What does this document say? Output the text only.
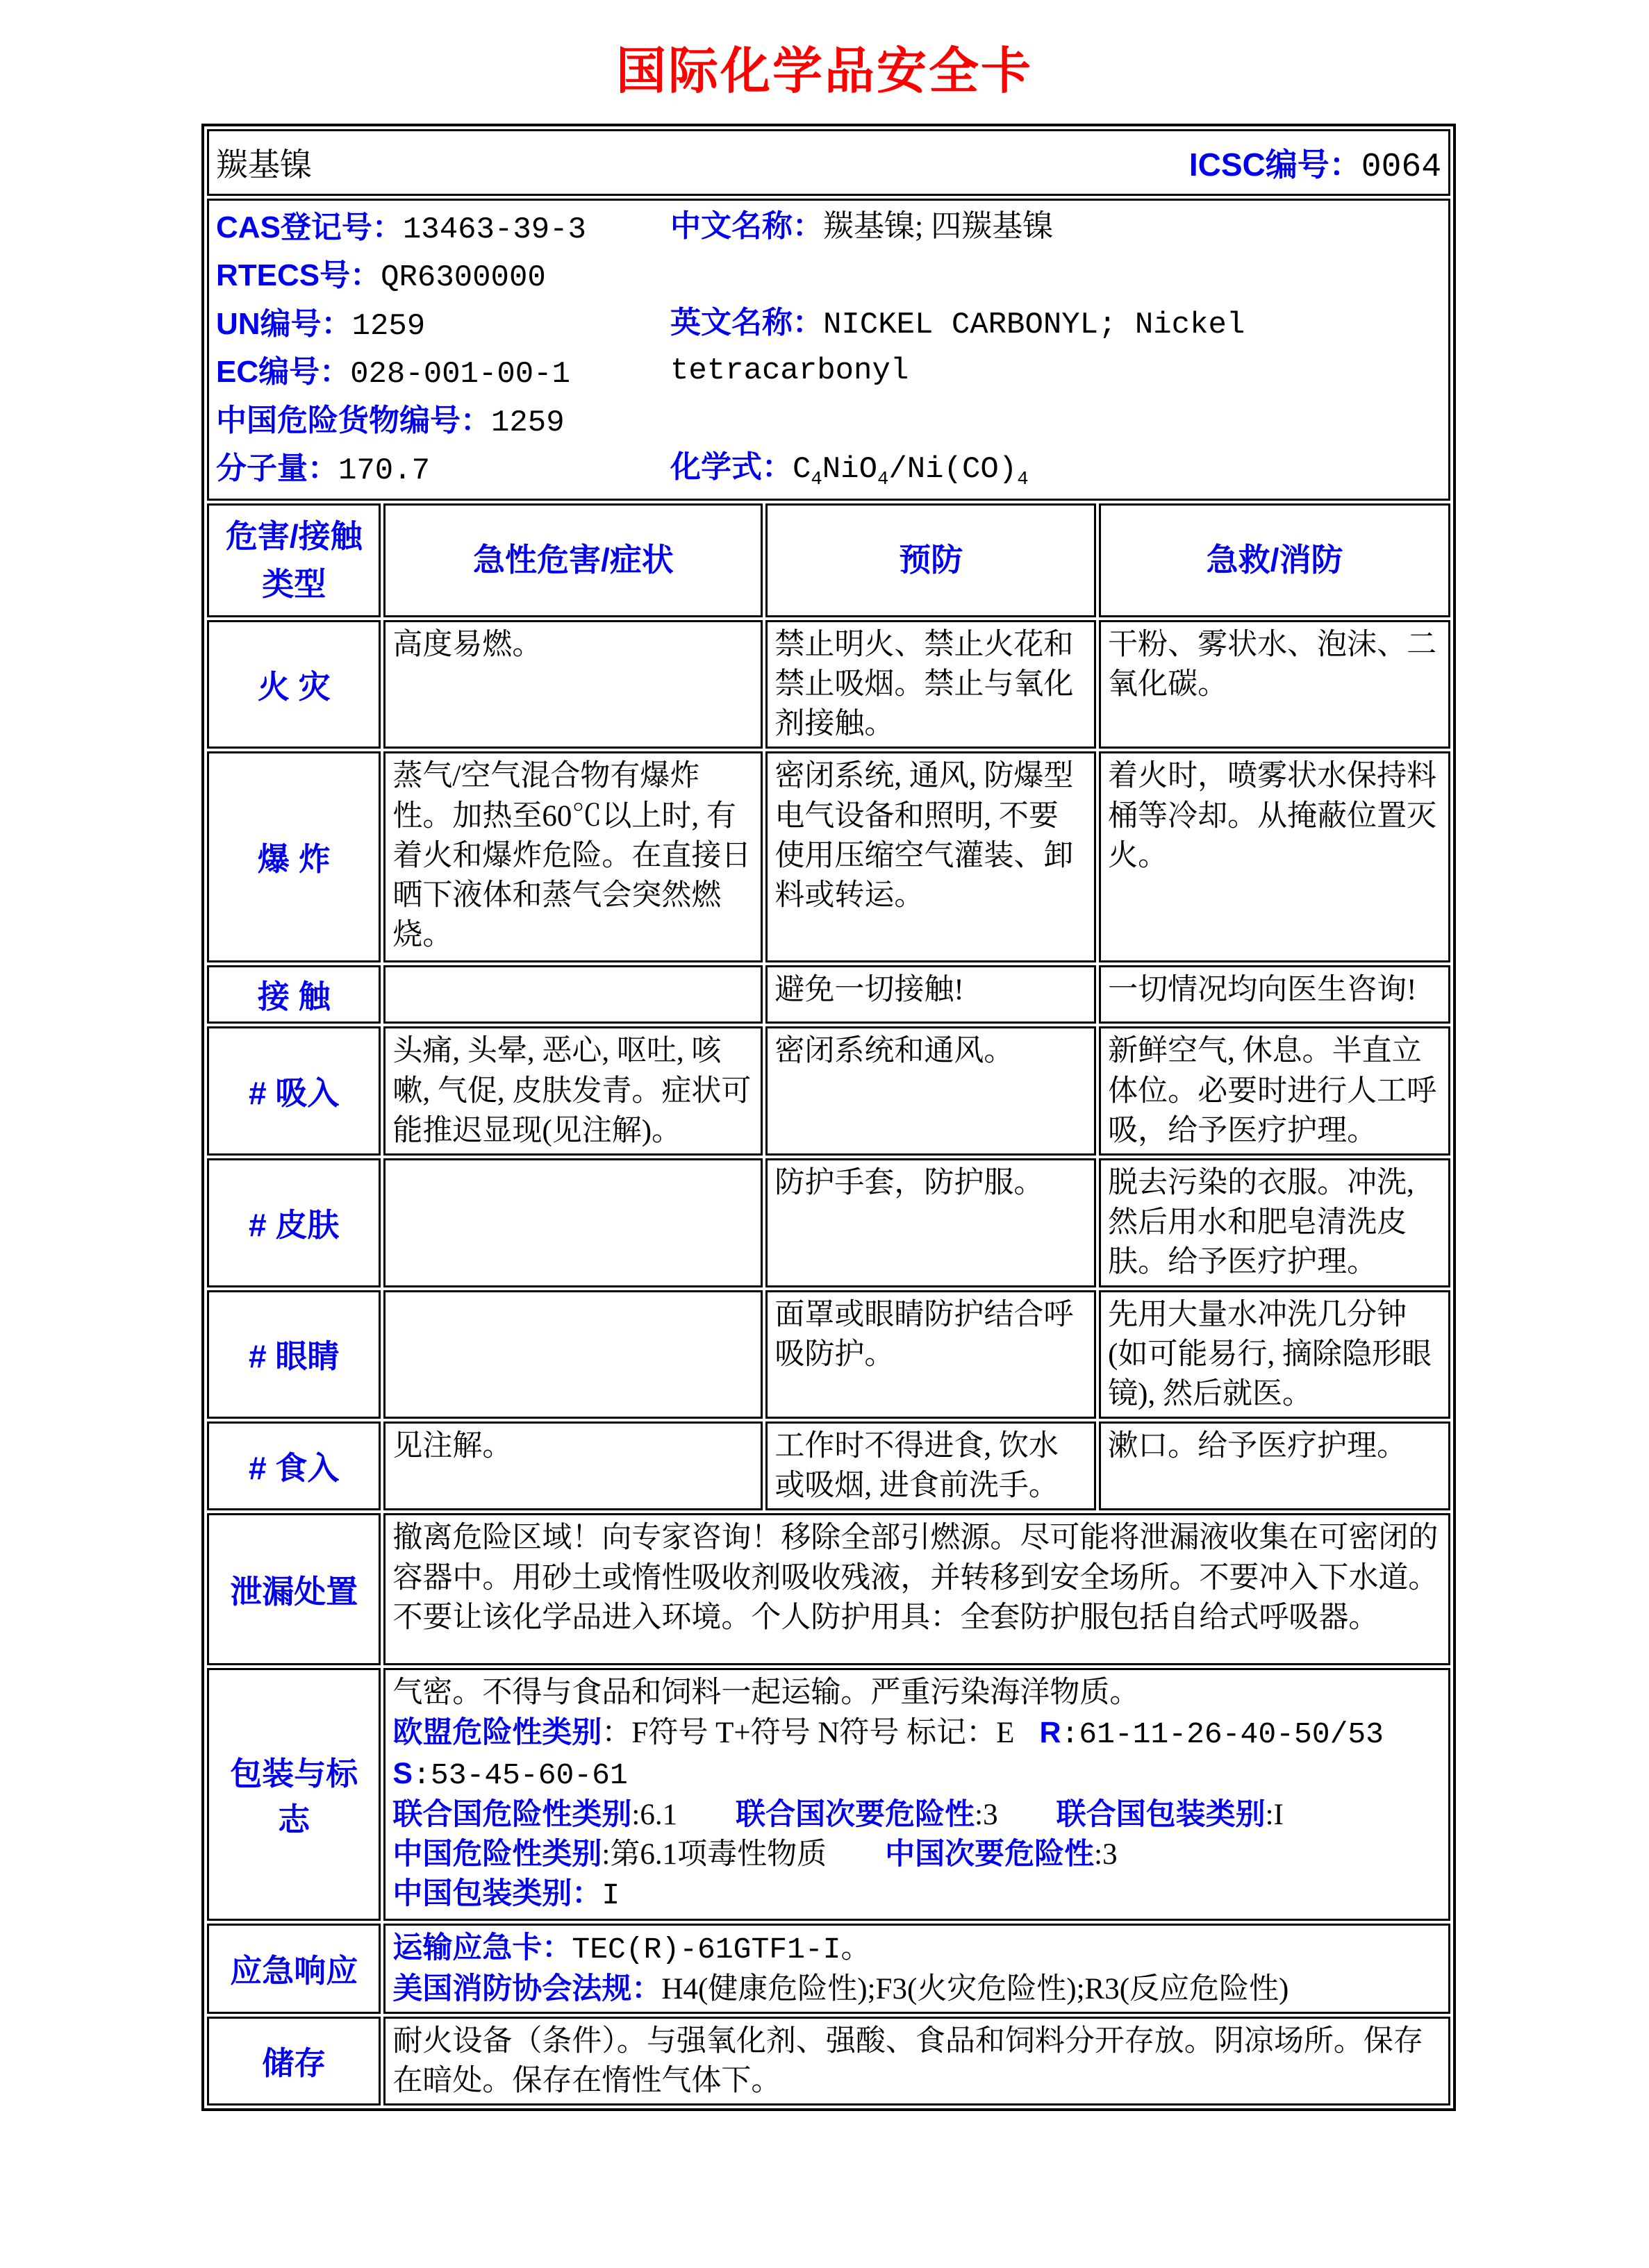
国际化学品安全卡
羰基镍 ICSC编号：0064			

CAS登记号：13463-39-3
RTECS号：QR6300000
UN编号：1259
EC编号：028-001-00-1
中国危险货物编号：1259
分子量：170.7
中文名称：羰基镍; 四羰基镍
英文名称：NICKEL CARBONYL; Nickel tetracarbonyl
化学式：$C_4NiO_4/Ni(CO)_4$

危害/接触
类型	急性危害/症状	预防	急救/消防
火 灾	高度易燃。	禁止明火、禁止火花和禁止吸烟。禁止与氧化剂接触。	干粉、雾状水、泡沫、二氧化碳。
爆 炸	蒸气/空气混合物有爆炸性。加热至60℃以上时, 有着火和爆炸危险。在直接日晒下液体和蒸气会突然燃烧。	密闭系统, 通风, 防爆型电气设备和照明, 不要使用压缩空气灌装、卸料或转运。	着火时，喷雾状水保持料桶等冷却。从掩蔽位置灭火。
接 触		避免一切接触!	一切情况均向医生咨询!
# 吸入	头痛, 头晕, 恶心, 呕吐, 咳嗽, 气促, 皮肤发青。症状可能推迟显现(见注解)。	密闭系统和通风。	新鲜空气, 休息。半直立体位。必要时进行人工呼吸，给予医疗护理。
# 皮肤		防护手套，防护服。	脱去污染的衣服。冲洗, 然后用水和肥皂清洗皮肤。给予医疗护理。
# 眼睛		面罩或眼睛防护结合呼吸防护。	先用大量水冲洗几分钟(如可能易行, 摘除隐形眼镜), 然后就医。
# 食入	见注解。	工作时不得进食, 饮水或吸烟, 进食前洗手。	漱口。给予医疗护理。
泄漏处置	撤离危险区域！向专家咨询！移除全部引燃源。尽可能将泄漏液收集在可密闭的容器中。用砂土或惰性吸收剂吸收残液，并转移到安全场所。不要冲入下水道。不要让该化学品进入环境。个人防护用具：全套防护服包括自给式呼吸器。		
包装与标志	气密。不得与食品和饲料一起运输。严重污染海洋物质。
欧盟危险性类别：F符号 T+符号 N符号 标记：E R:61-11-26-40-50/53 S:53-45-60-61
联合国危险性类别:6.1 联合国次要危险性:3 联合国包装类别:I
中国危险性类别:第6.1项毒性物质 中国次要危险性:3
中国包装类别：I		

应急响应	运输应急卡：TEC(R)-61GTF1-I。
美国消防协会法规：H4(健康危险性);F3(火灾危险性);R3(反应危险性)		

储存	耐火设备（条件）。与强氧化剂、强酸、食品和饲料分开存放。阴凉场所。保存在暗处。保存在惰性气体下。		
